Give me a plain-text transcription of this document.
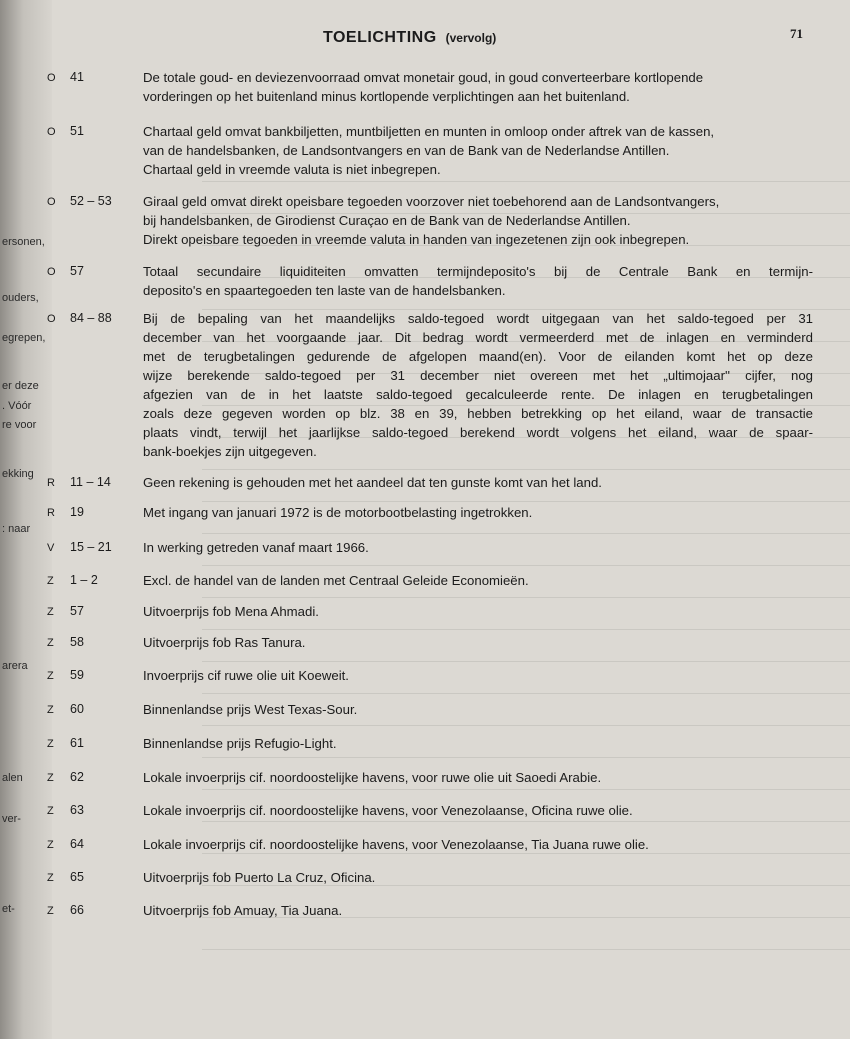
ersonen,
ouders,
egrepen,
er deze
. Vóór
re voor
ekking
: naar
arera
alen
ver-
et-
TOELICHTING (vervolg)	71
O 41	De totale goud- en deviezenvoorraad omvat monetair goud, in goud converteerbare kortlopende
vorderingen op het buitenland minus kortlopende verplichtingen aan het buitenland.
O 51	Chartaal geld omvat bankbiljetten, muntbiljetten en munten in omloop onder aftrek van de kassen,
van de handelsbanken, de Landsontvangers en van de Bank van de Nederlandse Antillen.
Chartaal geld in vreemde valuta is niet inbegrepen.
O 52 – 53 Giraal geld omvat direkt opeisbare tegoeden voorzover niet toebehorend aan de Landsontvangers,
bij handelsbanken, de Girodienst Curaçao en de Bank van de Nederlandse Antillen.
Direkt opeisbare tegoeden in vreemde valuta in handen van ingezetenen zijn ook inbegrepen.
O 57	Totaal secundaire liquiditeiten omvatten termijndeposito's bij de Centrale Bank en termijn-
deposito's en spaartegoeden ten laste van de handelsbanken.
O 84 – 88 Bij de bepaling van het maandelijks saldo-tegoed wordt uitgegaan van het saldo-tegoed per 31
december van het voorgaande jaar. Dit bedrag wordt vermeerderd met de inlagen en verminderd
met de terugbetalingen gedurende de afgelopen maand(en). Voor de eilanden komt het op deze
wijze berekende saldo-tegoed per 31 december niet overeen met het „ultimojaar'' cijfer, nog
afgezien van de in het laatste saldo-tegoed gecalculeerde rente. De inlagen en terugbetalingen
zoals deze gegeven worden op blz. 38 en 39, hebben betrekking op het eiland, waar de transactie
plaats vindt, terwijl het jaarlijkse saldo-tegoed berekend wordt volgens het eiland, waar de spaar-
bank-boekjes zijn uitgegeven.
R 11 – 14 Geen rekening is gehouden met het aandeel dat ten gunste komt van het land.
R 19	Met ingang van januari 1972 is de motorbootbelasting ingetrokken.
V 15 – 21 In werking getreden vanaf maart 1966.
Z 1 – 2	Excl. de handel van de landen met Centraal Geleide Economieën.
Z 57	Uitvoerprijs fob Mena Ahmadi.
Z 58	Uitvoerprijs fob Ras Tanura.
Z 59	Invoerprijs cif ruwe olie uit Koeweit.
Z 60	Binnenlandse prijs West Texas-Sour.
Z 61	Binnenlandse prijs Refugio-Light.
Z 62	Lokale invoerprijs cif. noordoostelijke havens, voor ruwe olie uit Saoedi Arabie.
Z 63	Lokale invoerprijs cif. noordoostelijke havens, voor Venezolaanse, Oficina ruwe olie.
Z 64	Lokale invoerprijs cif. noordoostelijke havens, voor Venezolaanse, Tia Juana ruwe olie.
Z 65	Uitvoerprijs fob Puerto La Cruz, Oficina.
Z 66	Uitvoerprijs fob Amuay, Tia Juana.
